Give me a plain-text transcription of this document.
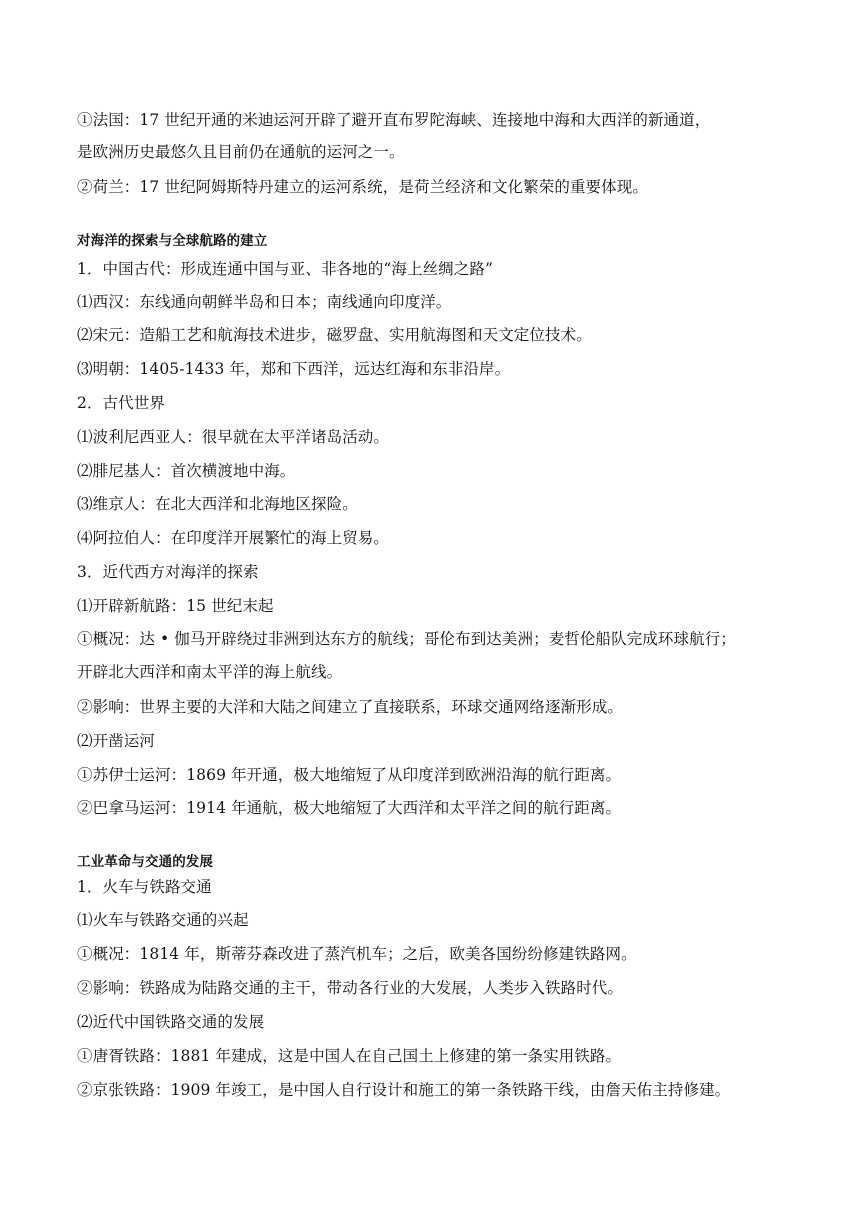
①法国：17 世纪开通的米迪运河开辟了避开直布罗陀海峡、连接地中海和大西洋的新通道，
是欧洲历史最悠久且目前仍在通航的运河之一。
②荷兰：17 世纪阿姆斯特丹建立的运河系统，是荷兰经济和文化繁荣的重要体现。
对海洋的探索与全球航路的建立
1．中国古代：形成连通中国与亚、非各地的“海上丝绸之路”
⑴西汉：东线通向朝鲜半岛和日本；南线通向印度洋。
⑵宋元：造船工艺和航海技术进步，磁罗盘、实用航海图和天文定位技术。
⑶明朝：1405-1433 年，郑和下西洋，远达红海和东非沿岸。
2．古代世界
⑴波利尼西亚人：很早就在太平洋诸岛活动。
⑵腓尼基人：首次横渡地中海。
⑶维京人：在北大西洋和北海地区探险。
⑷阿拉伯人：在印度洋开展繁忙的海上贸易。
3．近代西方对海洋的探索
⑴开辟新航路：15 世纪末起
①概况：达 • 伽马开辟绕过非洲到达东方的航线；哥伦布到达美洲；麦哲伦船队完成环球航行；
开辟北大西洋和南太平洋的海上航线。
②影响：世界主要的大洋和大陆之间建立了直接联系，环球交通网络逐渐形成。
⑵开凿运河
①苏伊士运河：1869 年开通，极大地缩短了从印度洋到欧洲沿海的航行距离。
②巴拿马运河：1914 年通航，极大地缩短了大西洋和太平洋之间的航行距离。
工业革命与交通的发展
1．火车与铁路交通
⑴火车与铁路交通的兴起
①概况：1814 年，斯蒂芬森改进了蒸汽机车；之后，欧美各国纷纷修建铁路网。
②影响：铁路成为陆路交通的主干，带动各行业的大发展，人类步入铁路时代。
⑵近代中国铁路交通的发展
①唐胥铁路：1881 年建成，这是中国人在自己国土上修建的第一条实用铁路。
②京张铁路：1909 年竣工，是中国人自行设计和施工的第一条铁路干线，由詹天佑主持修建。
